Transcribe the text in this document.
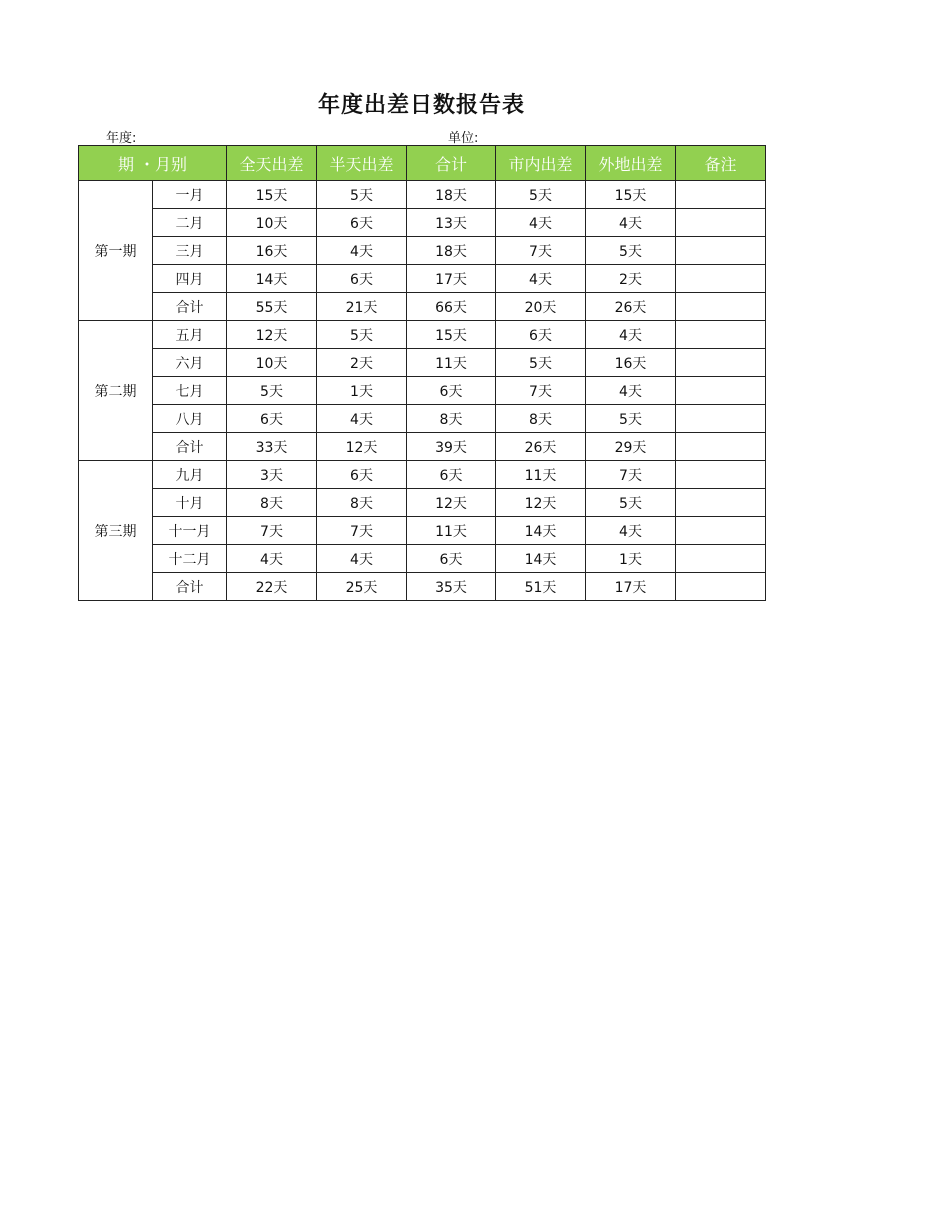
年度出差日数报告表
年度:	单位:
期 ・月别		全天出差	半天出差	合计	市内出差	外地出差	备注
第一期	一月	15天	5天	18天	5天	15天	
	二月	10天	6天	13天	4天	4天	
	三月	16天	4天	18天	7天	5天	
	四月	14天	6天	17天	4天	2天	
	合计	55天	21天	66天	20天	26天	
第二期	五月	12天	5天	15天	6天	4天	
	六月	10天	2天	11天	5天	16天	
	七月	5天	1天	6天	7天	4天	
	八月	6天	4天	8天	8天	5天	
	合计	33天	12天	39天	26天	29天	
第三期	九月	3天	6天	6天	11天	7天	
	十月	8天	8天	12天	12天	5天	
	十一月	7天	7天	11天	14天	4天	
	十二月	4天	4天	6天	14天	1天	
	合计	22天	25天	35天	51天	17天	
